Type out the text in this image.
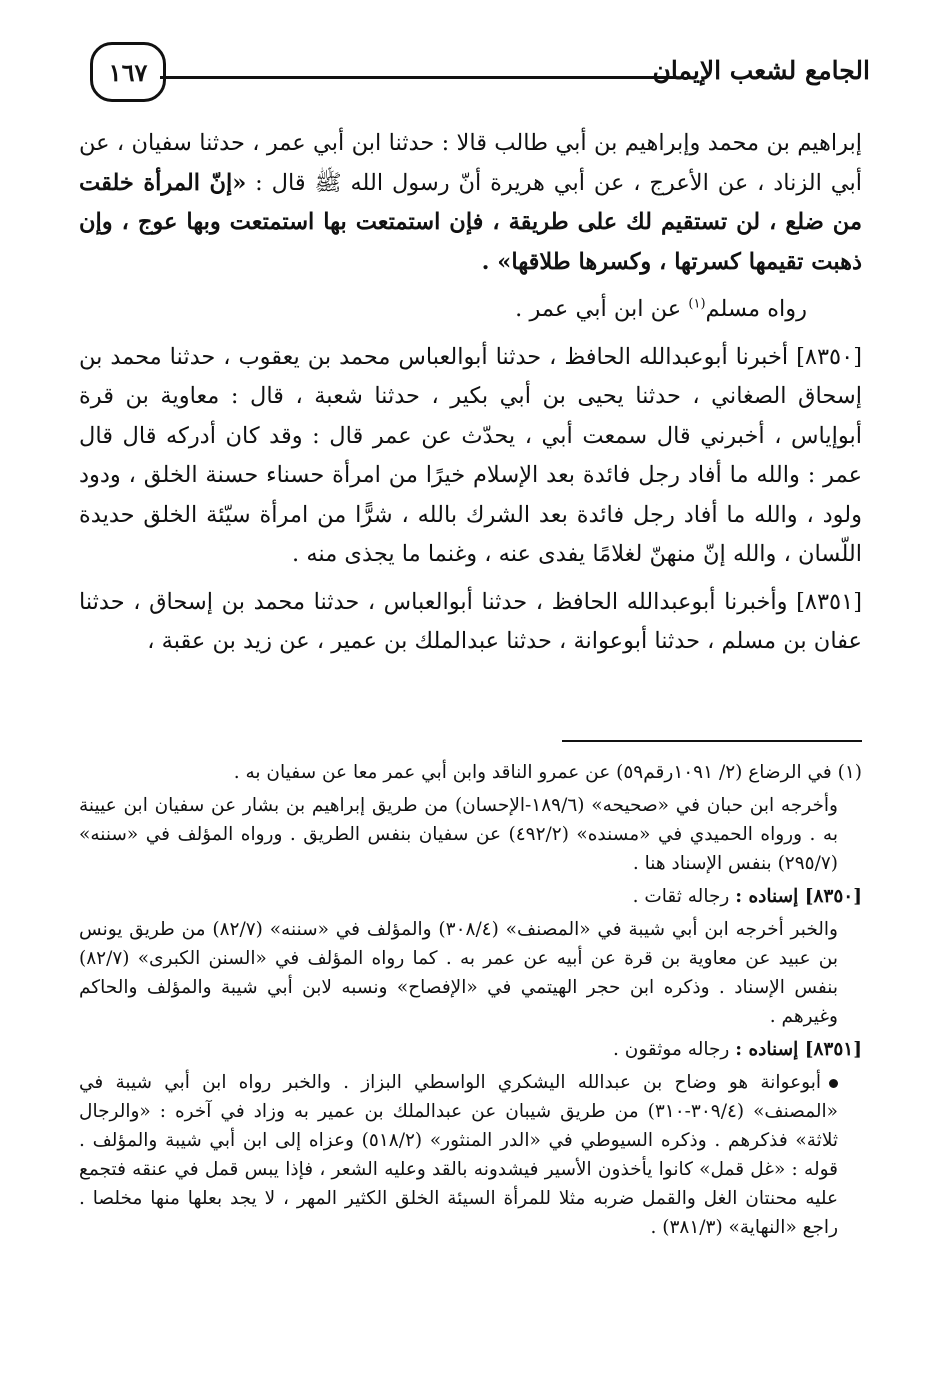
الجامع لشعب الإيمان
١٦٧

إبراهيم بن محمد وإبراهيم بن أبي طالب قالا : حدثنا ابن أبي عمر ، حدثنا سفيان ، عن أبي الزناد ، عن الأعرج ، عن أبي هريرة أنّ رسول الله ﷺ قال : «إنّ المرأة خلقت من ضلع ، لن تستقيم لك على طريقة ، فإن استمتعت بها استمتعت وبها عوج ، وإن ذهبت تقيمها كسرتها ، وكسرها طلاقها» .

رواه مسلم$^{(١)}$ عن ابن أبي عمر .

[٨٣٥٠] أخبرنا أبوعبدالله الحافظ ، حدثنا أبوالعباس محمد بن يعقوب ، حدثنا محمد بن إسحاق الصغاني ، حدثنا يحيى بن أبي بكير ، حدثنا شعبة ، قال : معاوية بن قرة أبوإياس ، أخبرني قال سمعت أبي ، يحدّث عن عمر قال : وقد كان أدركه قال قال عمر : والله ما أفاد رجل فائدة بعد الإسلام خيرًا من امرأة حسناء حسنة الخلق ، ودود ولود ، والله ما أفاد رجل فائدة بعد الشرك بالله ، شرًّا من امرأة سيّئة الخلق حديدة اللّسان ، والله إنّ منهنّ لغلامًا يفدى عنه ، وغنما ما يجذى منه .

[٨٣٥١] وأخبرنا أبوعبدالله الحافظ ، حدثنا أبوالعباس ، حدثنا محمد بن إسحاق ، حدثنا عفان بن مسلم ، حدثنا أبوعوانة ، حدثنا عبدالملك بن عمير ، عن زيد بن عقبة ،

(١) في الرضاع (٢/ ١٠٩١رقم٥٩) عن عمرو الناقد وابن أبي عمر معا عن سفيان به .

وأخرجه ابن حبان في «صحيحه» (١٨٩/٦-الإحسان) من طريق إبراهيم بن بشار عن سفيان ابن عيينة به . ورواه الحميدي في «مسنده» (٤٩٢/٢) عن سفيان بنفس الطريق . ورواه المؤلف في «سننه» (٢٩٥/٧) بنفس الإسناد هنا .

[٨٣٥٠] إسناده : رجاله ثقات .

والخبر أخرجه ابن أبي شيبة في «المصنف» (٣٠٨/٤) والمؤلف في «سننه» (٨٢/٧) من طريق يونس بن عبيد عن معاوية بن قرة عن أبيه عن عمر به . كما رواه المؤلف في «السنن الكبرى» (٨٢/٧) بنفس الإسناد . وذكره ابن حجر الهيتمي في «الإفصاح» ونسبه لابن أبي شيبة والمؤلف والحاكم وغيرهم .

[٨٣٥١] إسناده : رجاله موثقون .

أبوعوانة هو وضاح بن عبدالله اليشكري الواسطي البزاز . والخبر رواه ابن أبي شيبة في «المصنف» (٣٠٩/٤-٣١٠) من طريق شيبان عن عبدالملك بن عمير به وزاد في آخره : «والرجال ثلاثة» فذكرهم . وذكره السيوطي في «الدر المنثور» (٥١٨/٢) وعزاه إلى ابن أبي شيبة والمؤلف . قوله : «غل قمل» كانوا يأخذون الأسير فيشدونه بالقد وعليه الشعر ، فإذا يبس قمل في عنقه فتجمع عليه محنتان الغل والقمل ضربه مثلا للمرأة السيئة الخلق الكثير المهر ، لا يجد بعلها منها مخلصا . راجع «النهاية» (٣٨١/٣) .
